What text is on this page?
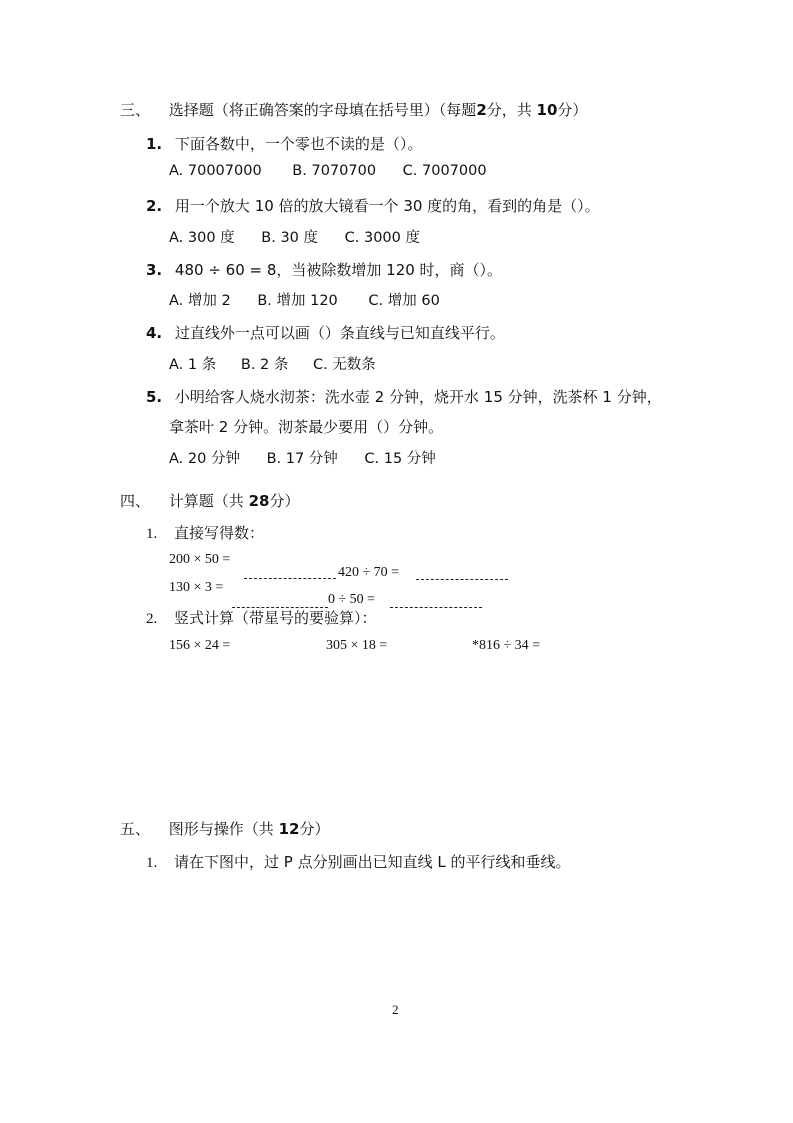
三、 选择题（将正确答案的字母填在括号里）（每题2分，共 10分）
1. 下面各数中，一个零也不读的是（）。
A. 70007000 B. 7070700 C. 7007000
2. 用一个放大 10 倍的放大镜看一个 30 度的角，看到的角是（）。
A. 300 度 B. 30 度 C. 3000 度
3. 480 ÷ 60 = 8，当被除数增加 120 时，商（）。
A. 增加 2 B. 增加 120 C. 增加 60
4. 过直线外一点可以画（）条直线与已知直线平行。
A. 1 条 B. 2 条 C. 无数条
5. 小明给客人烧水沏茶：洗水壶 2 分钟，烧开水 15 分钟，洗茶杯 1 分钟，
拿茶叶 2 分钟。沏茶最少要用（）分钟。
A. 20 分钟 B. 17 分钟 C. 15 分钟
四、 计算题（共 28分）
1. 直接写得数：
200 × 50 =
130 × 3 =
420 ÷ 70 =
0 ÷ 50 =
2. 竖式计算（带星号的要验算）：
156 × 24 =	305 × 18 =	*816 ÷ 34 =
五、 图形与操作（共 12分）
1. 请在下图中，过 P 点分别画出已知直线 L 的平行线和垂线。
2
